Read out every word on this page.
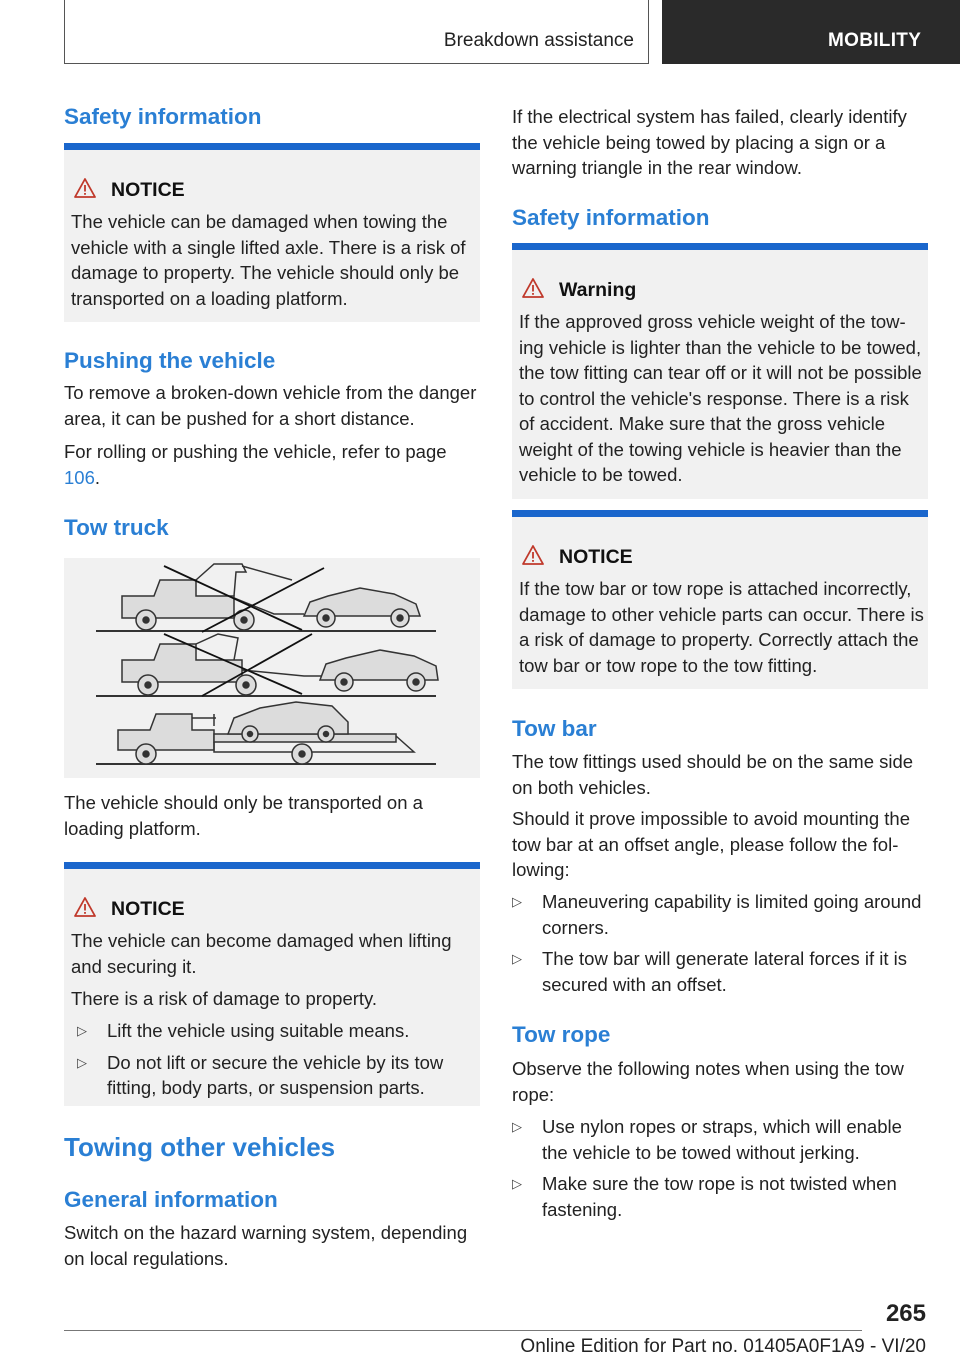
Breakdown assistance	MOBILITY
Safety information
NOTICE
The vehicle can be damaged when towing the vehicle with a single lifted axle. There is a risk of damage to property. The vehicle should only be transported on a loading platform.
Pushing the vehicle

To remove a broken-down vehicle from the danger area, it can be pushed for a short distance.

For rolling or pushing the vehicle, refer to page 106.

Tow truck

The vehicle should only be transported on a loading platform.

NOTICE
The vehicle can become damaged when lifting and securing it.
There is a risk of damage to property.
▷ Lift the vehicle using suitable means.
▷ Do not lift or secure the vehicle by its tow fitting, body parts, or suspension parts.
Towing other vehicles
General information

Switch on the hazard warning system, depending on local regulations.

If the electrical system has failed, clearly identify the vehicle being towed by placing a sign or a warning triangle in the rear window.

Safety information
Warning
If the approved gross vehicle weight of the towing vehicle is lighter than the vehicle to be towed, the tow fitting can tear off or it will not be possible to control the vehicle's response. There is a risk of accident. Make sure that the gross vehicle weight of the towing vehicle is heavier than the vehicle to be towed.
NOTICE
If the tow bar or tow rope is attached incorrectly, damage to other vehicle parts can occur. There is a risk of damage to property. Correctly attach the tow bar or tow rope to the tow fitting.
Tow bar

The tow fittings used should be on the same side on both vehicles.

Should it prove impossible to avoid mounting the tow bar at an offset angle, please follow the following:

▷ Maneuvering capability is limited going around corners.
▷ The tow bar will generate lateral forces if it is secured with an offset.
Tow rope

Observe the following notes when using the tow rope:

▷ Use nylon ropes or straps, which will enable the vehicle to be towed without jerking.
▷ Make sure the tow rope is not twisted when fastening.
265
Online Edition for Part no. 01405A0F1A9 - VI/20
